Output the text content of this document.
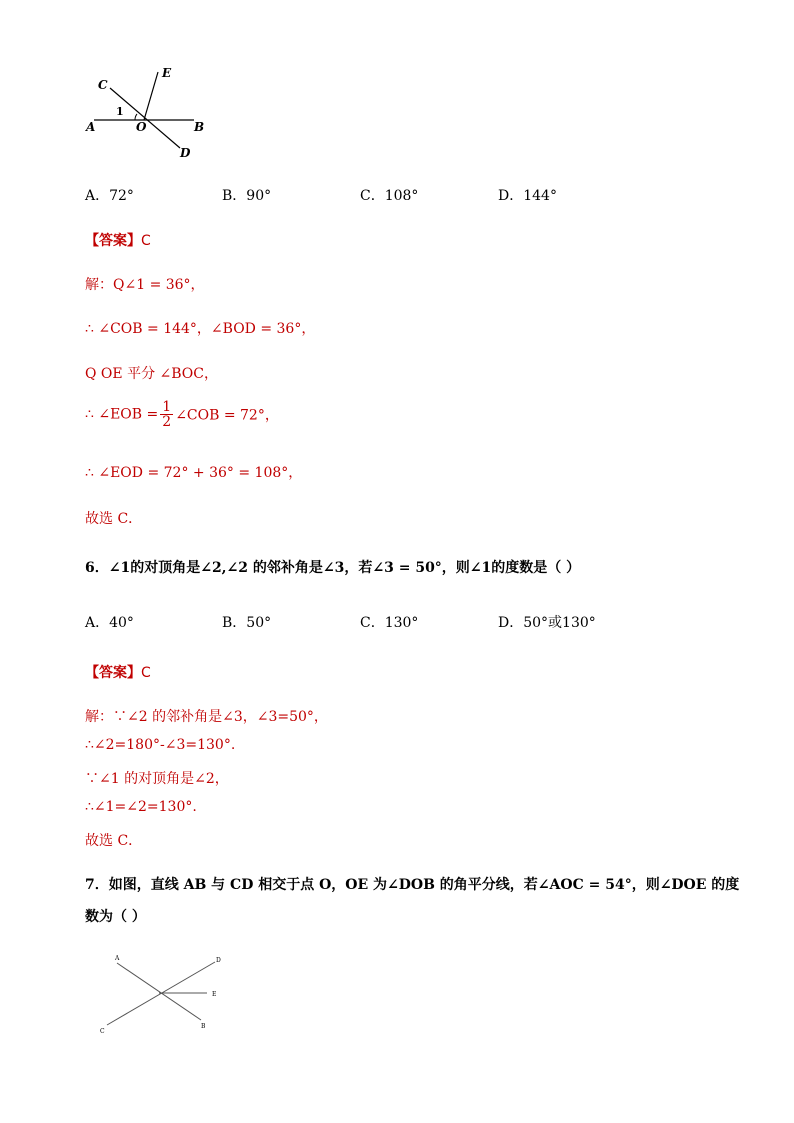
C
E
A	O	B
D
1
A．72°	B．90°	C．108°	D．144°
【答案】C
解：Q∠1 = 36°，
∴ ∠COB = 144°，∠BOD = 36°，
Q OE 平分 ∠BOC，
∴ ∠EOB = $\frac{1}{2}$ ∠COB = 72°，
∴ ∠EOD = 72° + 36° = 108°，
故选 C．
6．∠1的对顶角是∠2,∠2 的邻补角是∠3，若∠3 = 50°，则∠1的度数是（ ）
A．40°	B．50°	C．130°	D．50°或130°
【答案】C
解：∵∠2 的邻补角是∠3，∠3=50°，
∴∠2=180°-∠3=130°.
∵∠1 的对顶角是∠2，
∴∠1=∠2=130°.
故选 C．
7．如图，直线 AB 与 CD 相交于点 O，OE 为∠DOB 的角平分线，若∠AOC = 54°，则∠DOE 的度
数为（ ）
A	D
E
C
B
